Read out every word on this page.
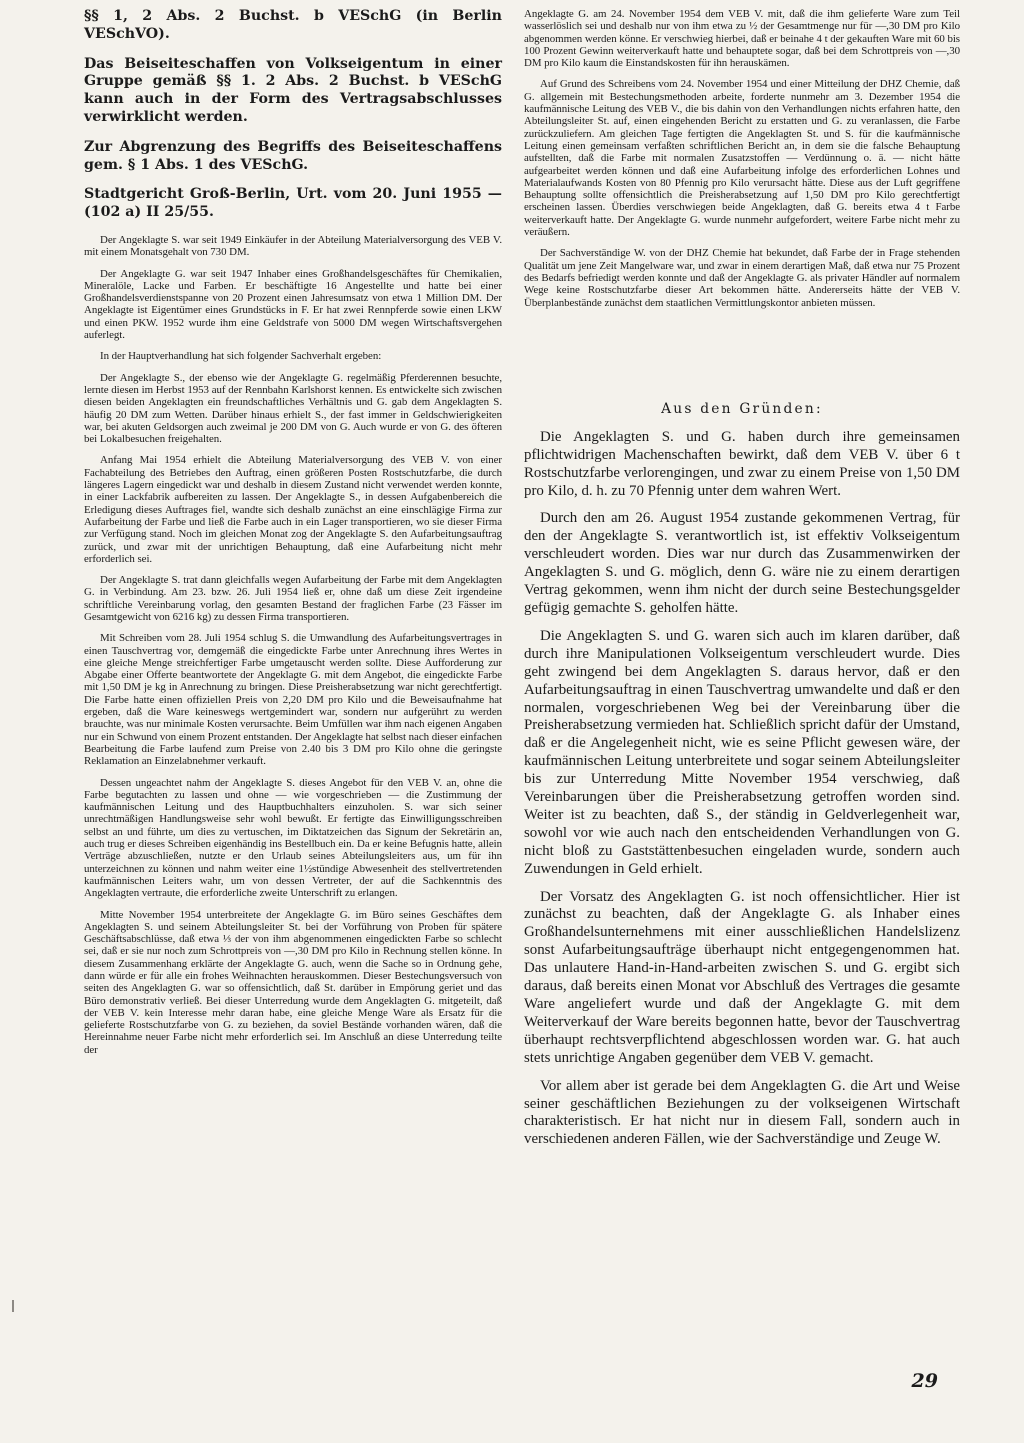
§§ 1, 2 Abs. 2 Buchst. b VESchG (in Berlin VESchVO).

Das Beiseiteschaffen von Volkseigentum in einer Gruppe gemäß §§ 1. 2 Abs. 2 Buchst. b VESchG kann auch in der Form des Vertragsabschlusses verwirklicht werden.

Zur Abgrenzung des Begriffs des Beiseiteschaffens gem. § 1 Abs. 1 des VESchG.

Stadtgericht Groß-Berlin, Urt. vom 20. Juni 1955 — (102 a) II 25/55.

Der Angeklagte S. war seit 1949 Einkäufer in der Abteilung Materialversorgung des VEB V. mit einem Monatsgehalt von 730 DM.

Der Angeklagte G. war seit 1947 Inhaber eines Großhandelsgeschäftes für Chemikalien, Mineralöle, Lacke und Farben. Er beschäftigte 16 Angestellte und hatte bei einer Großhandelsverdienstspanne von 20 Prozent einen Jahresumsatz von etwa 1 Million DM. Der Angeklagte ist Eigentümer eines Grundstücks in F. Er hat zwei Rennpferde sowie einen LKW und einen PKW. 1952 wurde ihm eine Geldstrafe von 5000 DM wegen Wirtschaftsvergehen auferlegt.

In der Hauptverhandlung hat sich folgender Sachverhalt ergeben:

Der Angeklagte S., der ebenso wie der Angeklagte G. regelmäßig Pferderennen besuchte, lernte diesen im Herbst 1953 auf der Rennbahn Karlshorst kennen. Es entwickelte sich zwischen diesen beiden Angeklagten ein freundschaftliches Verhältnis und G. gab dem Angeklagten S. häufig 20 DM zum Wetten. Darüber hinaus erhielt S., der fast immer in Geldschwierigkeiten war, bei akuten Geldsorgen auch zweimal je 200 DM von G. Auch wurde er von G. des öfteren bei Lokalbesuchen freigehalten.

Anfang Mai 1954 erhielt die Abteilung Materialversorgung des VEB V. von einer Fachabteilung des Betriebes den Auftrag, einen größeren Posten Rostschutzfarbe, die durch längeres Lagern eingedickt war und deshalb in diesem Zustand nicht verwendet werden konnte, in einer Lackfabrik aufbereiten zu lassen. Der Angeklagte S., in dessen Aufgabenbereich die Erledigung dieses Auftrages fiel, wandte sich deshalb zunächst an eine einschlägige Firma zur Aufarbeitung der Farbe und ließ die Farbe auch in ein Lager transportieren, wo sie dieser Firma zur Verfügung stand. Noch im gleichen Monat zog der Angeklagte S. den Aufarbeitungsauftrag zurück, und zwar mit der unrichtigen Behauptung, daß eine Aufarbeitung nicht mehr erforderlich sei.

Der Angeklagte S. trat dann gleichfalls wegen Aufarbeitung der Farbe mit dem Angeklagten G. in Verbindung. Am 23. bzw. 26. Juli 1954 ließ er, ohne daß um diese Zeit irgendeine schriftliche Vereinbarung vorlag, den gesamten Bestand der fraglichen Farbe (23 Fässer im Gesamtgewicht von 6216 kg) zu dessen Firma transportieren.

Mit Schreiben vom 28. Juli 1954 schlug S. die Umwandlung des Aufarbeitungsvertrages in einen Tauschvertrag vor, demgemäß die eingedickte Farbe unter Anrechnung ihres Wertes in eine gleiche Menge streichfertiger Farbe umgetauscht werden sollte. Diese Aufforderung zur Abgabe einer Offerte beantwortete der Angeklagte G. mit dem Angebot, die eingedickte Farbe mit 1,50 DM je kg in Anrechnung zu bringen. Diese Preisherabsetzung war nicht gerechtfertigt. Die Farbe hatte einen offiziellen Preis von 2,20 DM pro Kilo und die Beweisaufnahme hat ergeben, daß die Ware keineswegs wertgemindert war, sondern nur aufgerührt zu werden brauchte, was nur minimale Kosten verursachte. Beim Umfüllen war ihm nach eigenen Angaben nur ein Schwund von einem Prozent entstanden. Der Angeklagte hat selbst nach dieser einfachen Bearbeitung die Farbe laufend zum Preise von 2.40 bis 3 DM pro Kilo ohne die geringste Reklamation an Einzelabnehmer verkauft.

Dessen ungeachtet nahm der Angeklagte S. dieses Angebot für den VEB V. an, ohne die Farbe begutachten zu lassen und ohne — wie vorgeschrieben — die Zustimmung der kaufmännischen Leitung und des Hauptbuchhalters einzuholen. S. war sich seiner unrechtmäßigen Handlungsweise sehr wohl bewußt. Er fertigte das Einwilligungsschreiben selbst an und führte, um dies zu vertuschen, im Diktatzeichen das Signum der Sekretärin an, auch trug er dieses Schreiben eigenhändig ins Bestellbuch ein. Da er keine Befugnis hatte, allein Verträge abzuschließen, nutzte er den Urlaub seines Abteilungsleiters aus, um für ihn unterzeichnen zu können und nahm weiter eine 1½stündige Abwesenheit des stellvertretenden kaufmännischen Leiters wahr, um von dessen Vertreter, der auf die Sachkenntnis des Angeklagten vertraute, die erforderliche zweite Unterschrift zu erlangen.

Mitte November 1954 unterbreitete der Angeklagte G. im Büro seines Geschäftes dem Angeklagten S. und seinem Abteilungsleiter St. bei der Vorführung von Proben für spätere Geschäftsabschlüsse, daß etwa ⅓ der von ihm abgenommenen eingedickten Farbe so schlecht sei, daß er sie nur noch zum Schrottpreis von —,30 DM pro Kilo in Rechnung stellen könne. In diesem Zusammenhang erklärte der Angeklagte G. auch, wenn die Sache so in Ordnung gehe, dann würde er für alle ein frohes Weihnachten herauskommen. Dieser Bestechungsversuch von seiten des Angeklagten G. war so offensichtlich, daß St. darüber in Empörung geriet und das Büro demonstrativ verließ. Bei dieser Unterredung wurde dem Angeklagten G. mitgeteilt, daß der VEB V. kein Interesse mehr daran habe, eine gleiche Menge Ware als Ersatz für die gelieferte Rostschutzfarbe von G. zu beziehen, da soviel Bestände vorhanden wären, daß die Hereinnahme neuer Farbe nicht mehr erforderlich sei. Im Anschluß an diese Unterredung teilte der

Angeklagte G. am 24. November 1954 dem VEB V. mit, daß die ihm gelieferte Ware zum Teil wasserlöslich sei und deshalb nur von ihm etwa zu ½ der Gesamtmenge nur für —,30 DM pro Kilo abgenommen werden könne. Er verschwieg hierbei, daß er beinahe 4 t der gekauften Ware mit 60 bis 100 Prozent Gewinn weiterverkauft hatte und behauptete sogar, daß bei dem Schrottpreis von —,30 DM pro Kilo kaum die Einstandskosten für ihn herauskämen.

Auf Grund des Schreibens vom 24. November 1954 und einer Mitteilung der DHZ Chemie, daß G. allgemein mit Bestechungsmethoden arbeite, forderte nunmehr am 3. Dezember 1954 die kaufmännische Leitung des VEB V., die bis dahin von den Verhandlungen nichts erfahren hatte, den Abteilungsleiter St. auf, einen eingehenden Bericht zu erstatten und G. zu veranlassen, die Farbe zurückzuliefern. Am gleichen Tage fertigten die Angeklagten St. und S. für die kaufmännische Leitung einen gemeinsam verfaßten schriftlichen Bericht an, in dem sie die falsche Behauptung aufstellten, daß die Farbe mit normalen Zusatzstoffen — Verdünnung o. ä. — nicht hätte aufgearbeitet werden können und daß eine Aufarbeitung infolge des erforderlichen Lohnes und Materialaufwands Kosten von 80 Pfennig pro Kilo verursacht hätte. Diese aus der Luft gegriffene Behauptung sollte offensichtlich die Preisherabsetzung auf 1,50 DM pro Kilo gerechtfertigt erscheinen lassen. Überdies verschwiegen beide Angeklagten, daß G. bereits etwa 4 t Farbe weiterverkauft hatte. Der Angeklagte G. wurde nunmehr aufgefordert, weitere Farbe nicht mehr zu veräußern.

Der Sachverständige W. von der DHZ Chemie hat bekundet, daß Farbe der in Frage stehenden Qualität um jene Zeit Mangelware war, und zwar in einem derartigen Maß, daß etwa nur 75 Prozent des Bedarfs befriedigt werden konnte und daß der Angeklagte G. als privater Händler auf normalem Wege keine Rostschutzfarbe dieser Art bekommen hätte. Andererseits hätte der VEB V. Überplanbestände zunächst dem staatlichen Vermittlungskontor anbieten müssen.

Aus den Gründen:

Die Angeklagten S. und G. haben durch ihre gemeinsamen pflichtwidrigen Machenschaften bewirkt, daß dem VEB V. über 6 t Rostschutzfarbe verlorengingen, und zwar zu einem Preise von 1,50 DM pro Kilo, d. h. zu 70 Pfennig unter dem wahren Wert.

Durch den am 26. August 1954 zustande gekommenen Vertrag, für den der Angeklagte S. verantwortlich ist, ist effektiv Volkseigentum verschleudert worden. Dies war nur durch das Zusammenwirken der Angeklagten S. und G. möglich, denn G. wäre nie zu einem derartigen Vertrag gekommen, wenn ihm nicht der durch seine Bestechungsgelder gefügig gemachte S. geholfen hätte.

Die Angeklagten S. und G. waren sich auch im klaren darüber, daß durch ihre Manipulationen Volkseigentum verschleudert wurde. Dies geht zwingend bei dem Angeklagten S. daraus hervor, daß er den Aufarbeitungsauftrag in einen Tauschvertrag umwandelte und daß er den normalen, vorgeschriebenen Weg bei der Vereinbarung über die Preisherabsetzung vermieden hat. Schließlich spricht dafür der Umstand, daß er die Angelegenheit nicht, wie es seine Pflicht gewesen wäre, der kaufmännischen Leitung unterbreitete und sogar seinem Abteilungsleiter bis zur Unterredung Mitte November 1954 verschwieg, daß Vereinbarungen über die Preisherabsetzung getroffen worden sind. Weiter ist zu beachten, daß S., der ständig in Geldverlegenheit war, sowohl vor wie auch nach den entscheidenden Verhandlungen von G. nicht bloß zu Gaststättenbesuchen eingeladen wurde, sondern auch Zuwendungen in Geld erhielt.

Der Vorsatz des Angeklagten G. ist noch offensichtlicher. Hier ist zunächst zu beachten, daß der Angeklagte G. als Inhaber eines Großhandelsunternehmens mit einer ausschließlichen Handelslizenz sonst Aufarbeitungsaufträge überhaupt nicht entgegengenommen hat. Das unlautere Hand-in-Hand-arbeiten zwischen S. und G. ergibt sich daraus, daß bereits einen Monat vor Abschluß des Vertrages die gesamte Ware angeliefert wurde und daß der Angeklagte G. mit dem Weiterverkauf der Ware bereits begonnen hatte, bevor der Tauschvertrag überhaupt rechtsverpflichtend abgeschlossen worden war. G. hat auch stets unrichtige Angaben gegenüber dem VEB V. gemacht.

Vor allem aber ist gerade bei dem Angeklagten G. die Art und Weise seiner geschäftlichen Beziehungen zu der volkseigenen Wirtschaft charakteristisch. Er hat nicht nur in diesem Fall, sondern auch in verschiedenen anderen Fällen, wie der Sachverständige und Zeuge W.

29
